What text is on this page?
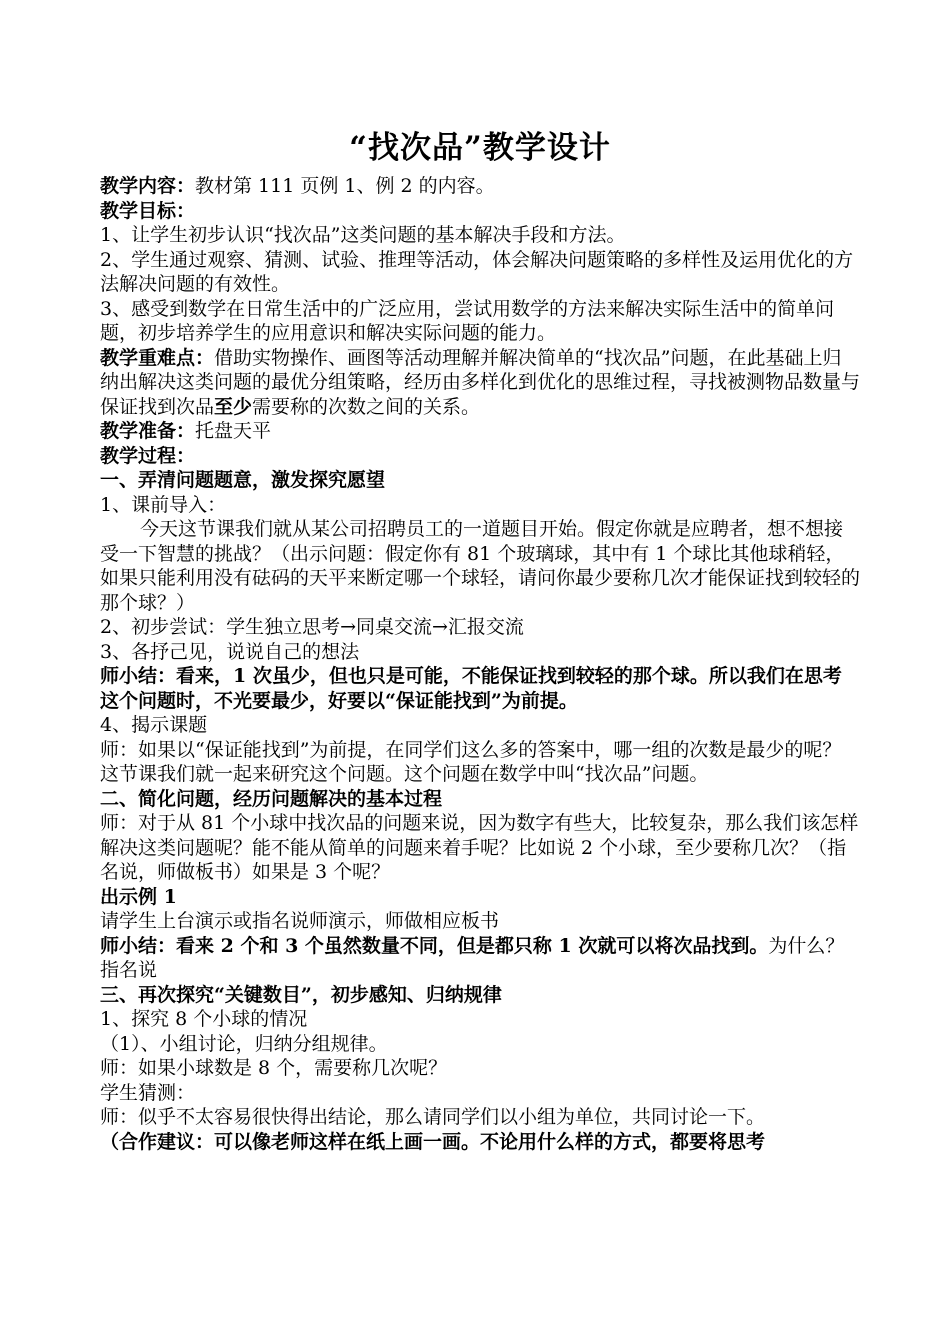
“找次品”教学设计

教学内容：教材第 111 页例 1、例 2 的内容。

教学目标：

1、让学生初步认识“找次品”这类问题的基本解决手段和方法。

2、学生通过观察、猜测、试验、推理等活动，体会解决问题策略的多样性及运用优化的方法解决问题的有效性。

3、感受到数学在日常生活中的广泛应用，尝试用数学的方法来解决实际生活中的简单问题，初步培养学生的应用意识和解决实际问题的能力。

教学重难点：借助实物操作、画图等活动理解并解决简单的“找次品”问题，在此基础上归纳出解决这类问题的最优分组策略，经历由多样化到优化的思维过程，寻找被测物品数量与保证找到次品至少需要称的次数之间的关系。

教学准备：托盘天平

教学过程：

一、弄清问题题意，激发探究愿望

1、课前导入：

今天这节课我们就从某公司招聘员工的一道题目开始。假定你就是应聘者，想不想接受一下智慧的挑战？（出示问题：假定你有 81 个玻璃球，其中有 1 个球比其他球稍轻，如果只能利用没有砝码的天平来断定哪一个球轻，请问你最少要称几次才能保证找到较轻的那个球？）

2、初步尝试：学生独立思考→同桌交流→汇报交流

3、各抒己见，说说自己的想法

师小结：看来，1 次虽少，但也只是可能，不能保证找到较轻的那个球。所以我们在思考这个问题时，不光要最少，好要以“保证能找到”为前提。

4、揭示课题

师：如果以“保证能找到”为前提，在同学们这么多的答案中，哪一组的次数是最少的呢？这节课我们就一起来研究这个问题。这个问题在数学中叫“找次品”问题。

二、简化问题，经历问题解决的基本过程

师：对于从 81 个小球中找次品的问题来说，因为数字有些大，比较复杂，那么我们该怎样解决这类问题呢？能不能从简单的问题来着手呢？比如说 2 个小球，至少要称几次？（指名说，师做板书）如果是 3 个呢？

出示例 1

请学生上台演示或指名说师演示，师做相应板书

师小结：看来 2 个和 3 个虽然数量不同，但是都只称 1 次就可以将次品找到。为什么？

指名说

三、再次探究“关键数目”，初步感知、归纳规律

1、探究 8 个小球的情况

（1）、小组讨论，归纳分组规律。

师：如果小球数是 8 个，需要称几次呢？

学生猜测：

师：似乎不太容易很快得出结论，那么请同学们以小组为单位，共同讨论一下。

（合作建议：可以像老师这样在纸上画一画。不论用什么样的方式，都要将思考
